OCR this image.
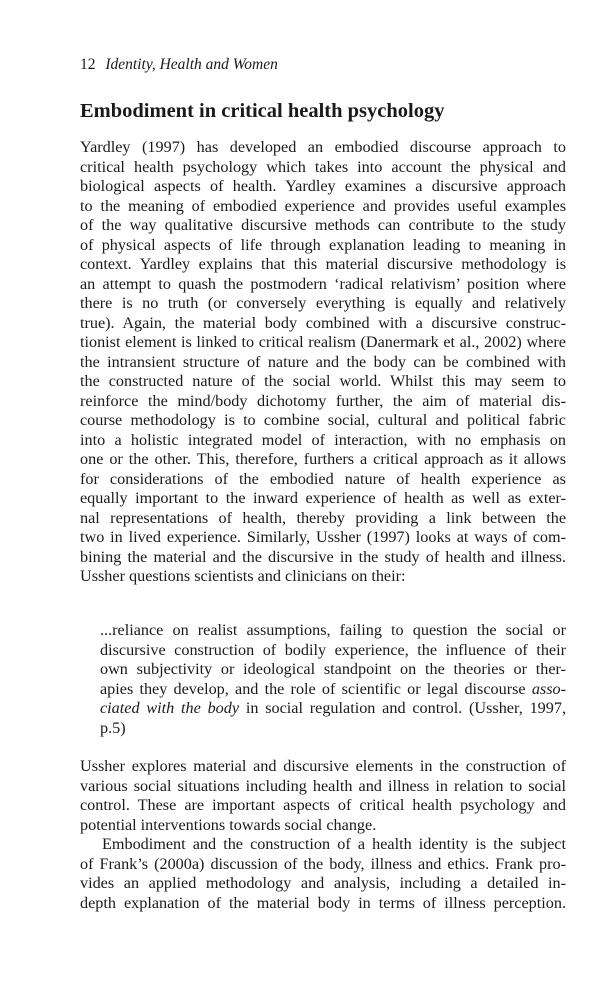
12 Identity, Health and Women
Embodiment in critical health psychology
Yardley (1997) has developed an embodied discourse approach to
critical health psychology which takes into account the physical and
biological aspects of health. Yardley examines a discursive approach
to the meaning of embodied experience and provides useful examples
of the way qualitative discursive methods can contribute to the study
of physical aspects of life through explanation leading to meaning in
context. Yardley explains that this material discursive methodology is
an attempt to quash the postmodern ‘radical relativism’ position where
there is no truth (or conversely everything is equally and relatively
true). Again, the material body combined with a discursive construc-
tionist element is linked to critical realism (Danermark et al., 2002) where
the intransient structure of nature and the body can be combined with
the constructed nature of the social world. Whilst this may seem to
reinforce the mind/body dichotomy further, the aim of material dis-
course methodology is to combine social, cultural and political fabric
into a holistic integrated model of interaction, with no emphasis on
one or the other. This, therefore, furthers a critical approach as it allows
for considerations of the embodied nature of health experience as
equally important to the inward experience of health as well as exter-
nal representations of health, thereby providing a link between the
two in lived experience. Similarly, Ussher (1997) looks at ways of com-
bining the material and the discursive in the study of health and illness.
Ussher questions scientists and clinicians on their:
...reliance on realist assumptions, failing to question the social or
discursive construction of bodily experience, the influence of their
own subjectivity or ideological standpoint on the theories or ther-
apies they develop, and the role of scientific or legal discourse asso-
ciated with the body in social regulation and control. (Ussher, 1997,
p.5)
Ussher explores material and discursive elements in the construction of
various social situations including health and illness in relation to social
control. These are important aspects of critical health psychology and
potential interventions towards social change.
Embodiment and the construction of a health identity is the subject
of Frank’s (2000a) discussion of the body, illness and ethics. Frank pro-
vides an applied methodology and analysis, including a detailed in-
depth explanation of the material body in terms of illness perception.
